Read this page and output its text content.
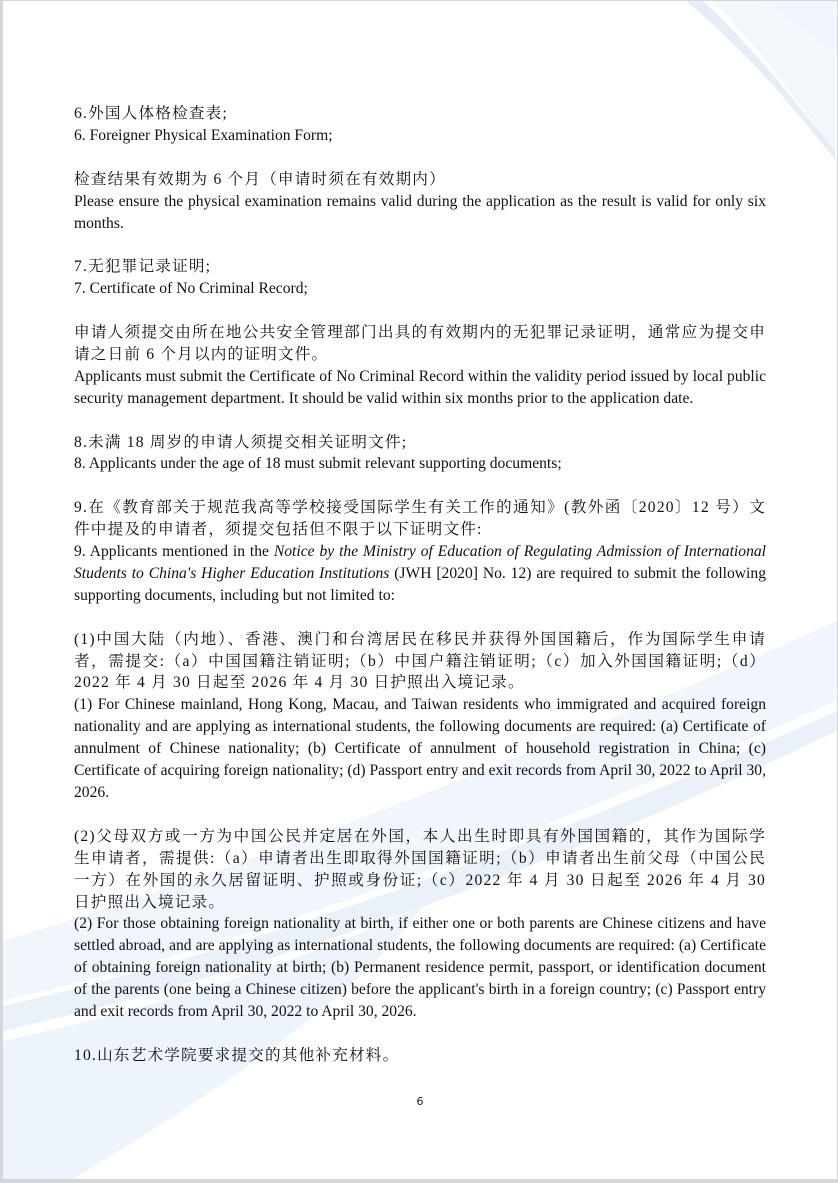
6.外国人体格检查表;

6. Foreigner Physical Examination Form;

检查结果有效期为 6 个月（申请时须在有效期内）

Please ensure the physical examination remains valid during the application as the result is valid for only six months.

7.无犯罪记录证明;

7. Certificate of No Criminal Record;

申请人须提交由所在地公共安全管理部门出具的有效期内的无犯罪记录证明，通常应为提交申请之日前 6 个月以内的证明文件。

Applicants must submit the Certificate of No Criminal Record within the validity period issued by local public security management department. It should be valid within six months prior to the application date.

8.未满 18 周岁的申请人须提交相关证明文件;

8. Applicants under the age of 18 must submit relevant supporting documents;

9.在《教育部关于规范我高等学校接受国际学生有关工作的通知》(教外函〔2020〕12 号）文件中提及的申请者，须提交包括但不限于以下证明文件:

9. Applicants mentioned in the Notice by the Ministry of Education of Regulating Admission of International Students to China's Higher Education Institutions (JWH [2020] No. 12) are required to submit the following supporting documents, including but not limited to:

(1)中国大陆（内地）、香港、澳门和台湾居民在移民并获得外国国籍后，作为国际学生申请者，需提交:（a）中国国籍注销证明;（b）中国户籍注销证明;（c）加入外国国籍证明;（d）2022 年 4 月 30 日起至 2026 年 4 月 30 日护照出入境记录。

(1) For Chinese mainland, Hong Kong, Macau, and Taiwan residents who immigrated and acquired foreign nationality and are applying as international students, the following documents are required: (a) Certificate of annulment of Chinese nationality; (b) Certificate of annulment of household registration in China; (c) Certificate of acquiring foreign nationality; (d) Passport entry and exit records from April 30, 2022 to April 30, 2026.

(2)父母双方或一方为中国公民并定居在外国，本人出生时即具有外国国籍的，其作为国际学生申请者，需提供:（a）申请者出生即取得外国国籍证明;（b）申请者出生前父母（中国公民一方）在外国的永久居留证明、护照或身份证;（c）2022 年 4 月 30 日起至 2026 年 4 月 30 日护照出入境记录。

(2) For those obtaining foreign nationality at birth, if either one or both parents are Chinese citizens and have settled abroad, and are applying as international students, the following documents are required: (a) Certificate of obtaining foreign nationality at birth; (b) Permanent residence permit, passport, or identification document of the parents (one being a Chinese citizen) before the applicant's birth in a foreign country; (c) Passport entry and exit records from April 30, 2022 to April 30, 2026.

10.山东艺术学院要求提交的其他补充材料。

6
